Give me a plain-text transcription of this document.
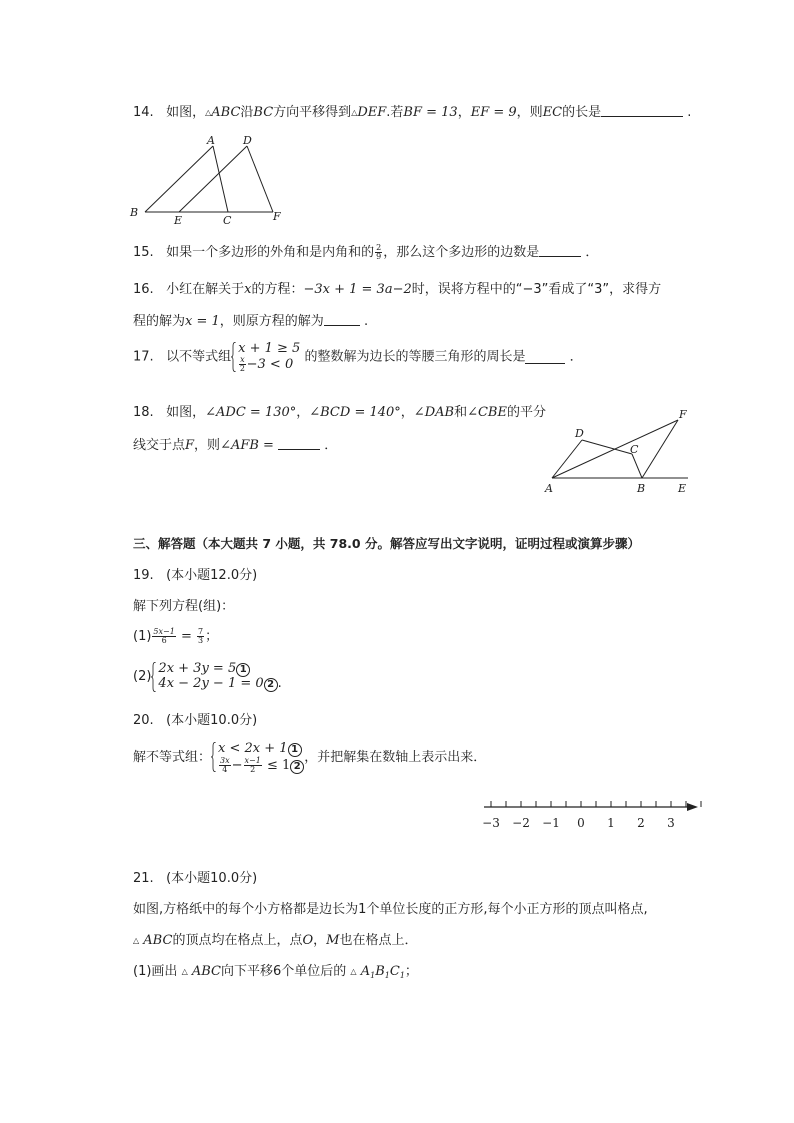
14. 如图，△ABC沿BC方向平移得到△DEF.若BF = 13，EF = 9，则EC的长是	.
A	D
B
E	C	F
15. 如果一个多边形的外角和是内角和的 $\frac{2}{9}$ ，那么这个多边形的边数是	．
16. 小红在解关于x的方程：−3x + 1 = 3a−2时，误将方程中的“−3”看成了“3”，求得方
程的解为x = 1，则原方程的解为	.
17. 以不等式组
x + 1 ≥ 5
$\frac{x}{2} -3 < 0$ 的整数解为边长的等腰三角形的周长是	．
18. 如图，∠ADC = 130°，∠BCD = 140°，∠DAB和∠CBE的平分
线交于点F，则∠AFB =	．
F
D
C
A	B	E
三、解答题（本大题共 7 小题，共 78.0 分。解答应写出文字说明，证明过程或演算步骤）
19. (本小题12.0分)
解下列方程(组)：
$(1) \frac{5x-1}{6} = \frac{7}{3}$ ；
(2)
2x + 3y = 5 1
4x − 2y − 1 = 0 2 .
20. (本小题10.0分)
解不等式组：
x < 2x + 1 1
$\frac{3x}{4} - \frac{x-1}{2} \le 1$ 2
，并把解集在数轴上表示出来．
−3 −2 −1 0 1 2 3
21. (本小题10.0分)
如图,方格纸中的每个小方格都是边长为1个单位长度的正方形,每个小正方形的顶点叫格点,
△ ABC的顶点均在格点上，点O，M也在格点上．
(1)画出 △ ABC向下平移6个单位后的 △ $A_1B_1C_1$；
